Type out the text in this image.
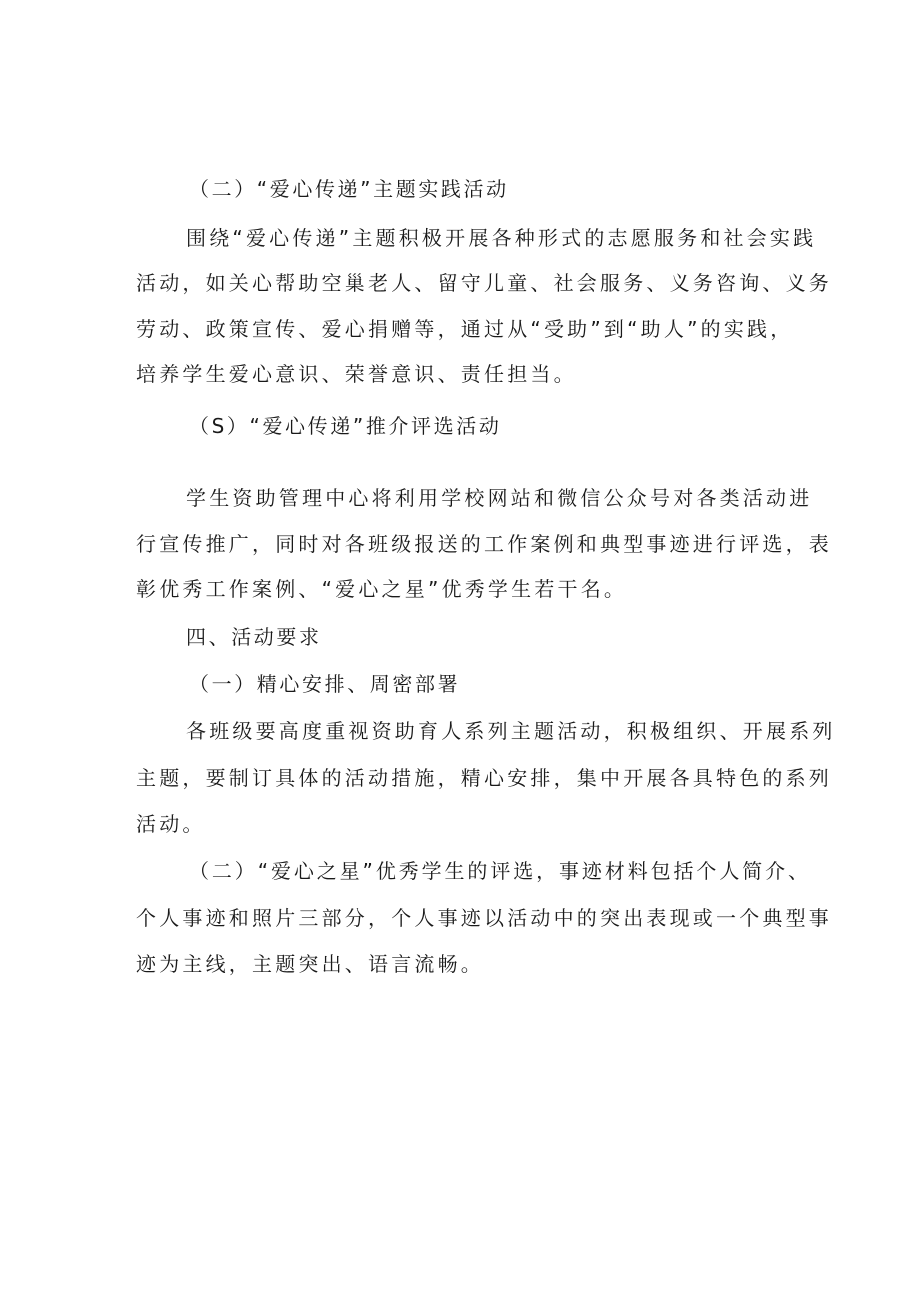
（二）“爱心传递”主题实践活动
围绕“爱心传递”主题积极开展各种形式的志愿服务和社会实践
活动，如关心帮助空巢老人、留守儿童、社会服务、义务咨询、义务
劳动、政策宣传、爱心捐赠等，通过从“受助”到“助人”的实践，
培养学生爱心意识、荣誉意识、责任担当。
（S）“爱心传递”推介评选活动
学生资助管理中心将利用学校网站和微信公众号对各类活动进
行宣传推广，同时对各班级报送的工作案例和典型事迹进行评选，表
彰优秀工作案例、“爱心之星”优秀学生若干名。
四、活动要求
（一）精心安排、周密部署
各班级要高度重视资助育人系列主题活动，积极组织、开展系列
主题，要制订具体的活动措施，精心安排，集中开展各具特色的系列
活动。
（二）“爱心之星”优秀学生的评选，事迹材料包括个人简介、
个人事迹和照片三部分，个人事迹以活动中的突出表现或一个典型事
迹为主线，主题突出、语言流畅。
